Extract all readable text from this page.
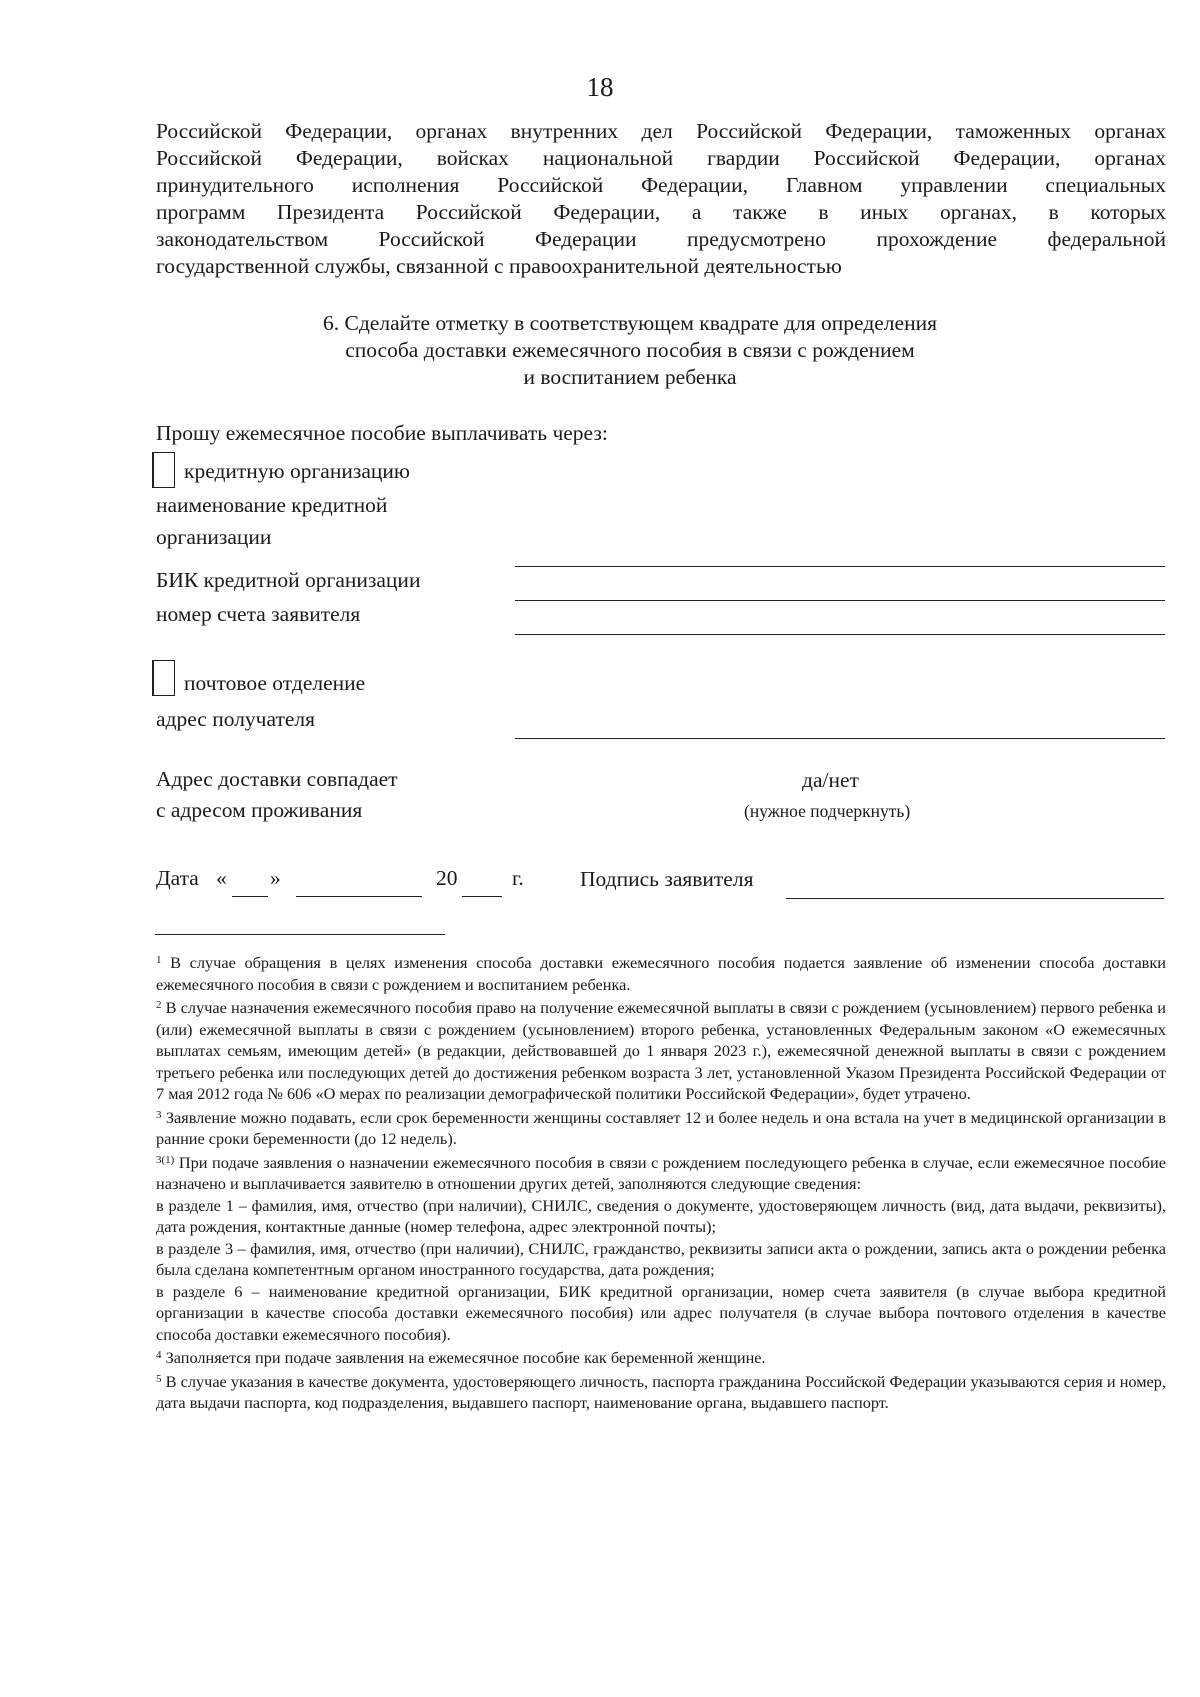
18
Российской Федерации, органах внутренних дел Российской Федерации, таможенных органах
Российской Федерации, войсках национальной гвардии Российской Федерации, органах
принудительного исполнения Российской Федерации, Главном управлении специальных
программ Президента Российской Федерации, а также в иных органах, в которых
законодательством Российской Федерации предусмотрено прохождение федеральной
государственной службы, связанной с правоохранительной деятельностью
6. Сделайте отметку в соответствующем квадрате для определения
способа доставки ежемесячного пособия в связи с рождением
и воспитанием ребенка
Прошу ежемесячное пособие выплачивать через:
кредитную организацию
наименование кредитной
организации
БИК кредитной организации
номер счета заявителя
почтовое отделение
адрес получателя
Адрес доставки совпадает
с адресом проживания
да/нет
(нужное подчеркнуть)
Дата « »	20	г.	Подпись заявителя

$^1$ В случае обращения в целях изменения способа доставки ежемесячного пособия подается заявление об изменении способа доставки ежемесячного пособия в связи с рождением и воспитанием ребенка.

$^2$ В случае назначения ежемесячного пособия право на получение ежемесячной выплаты в связи с рождением (усыновлением) первого ребенка и (или) ежемесячной выплаты в связи с рождением (усыновлением) второго ребенка, установленных Федеральным законом «О ежемесячных выплатах семьям, имеющим детей» (в редакции, действовавшей до 1 января 2023 г.), ежемесячной денежной выплаты в связи с рождением третьего ребенка или последующих детей до достижения ребенком возраста 3 лет, установленной Указом Президента Российской Федерации от 7 мая 2012 года № 606 «О мерах по реализации демографической политики Российской Федерации», будет утрачено.

$^3$ Заявление можно подавать, если срок беременности женщины составляет 12 и более недель и она встала на учет в медицинской организации в ранние сроки беременности (до 12 недель).

$^{3(1)}$ При подаче заявления о назначении ежемесячного пособия в связи с рождением последующего ребенка в случае, если ежемесячное пособие назначено и выплачивается заявителю в отношении других детей, заполняются следующие сведения:

в разделе 1 – фамилия, имя, отчество (при наличии), СНИЛС, сведения о документе, удостоверяющем личность (вид, дата выдачи, реквизиты), дата рождения, контактные данные (номер телефона, адрес электронной почты);

в разделе 3 – фамилия, имя, отчество (при наличии), СНИЛС, гражданство, реквизиты записи акта о рождении, запись акта о рождении ребенка была сделана компетентным органом иностранного государства, дата рождения;

в разделе 6 – наименование кредитной организации, БИК кредитной организации, номер счета заявителя (в случае выбора кредитной организации в качестве способа доставки ежемесячного пособия) или адрес получателя (в случае выбора почтового отделения в качестве способа доставки ежемесячного пособия).

$^4$ Заполняется при подаче заявления на ежемесячное пособие как беременной женщине.

$^5$ В случае указания в качестве документа, удостоверяющего личность, паспорта гражданина Российской Федерации указываются серия и номер, дата выдачи паспорта, код подразделения, выдавшего паспорт, наименование органа, выдавшего паспорт.
